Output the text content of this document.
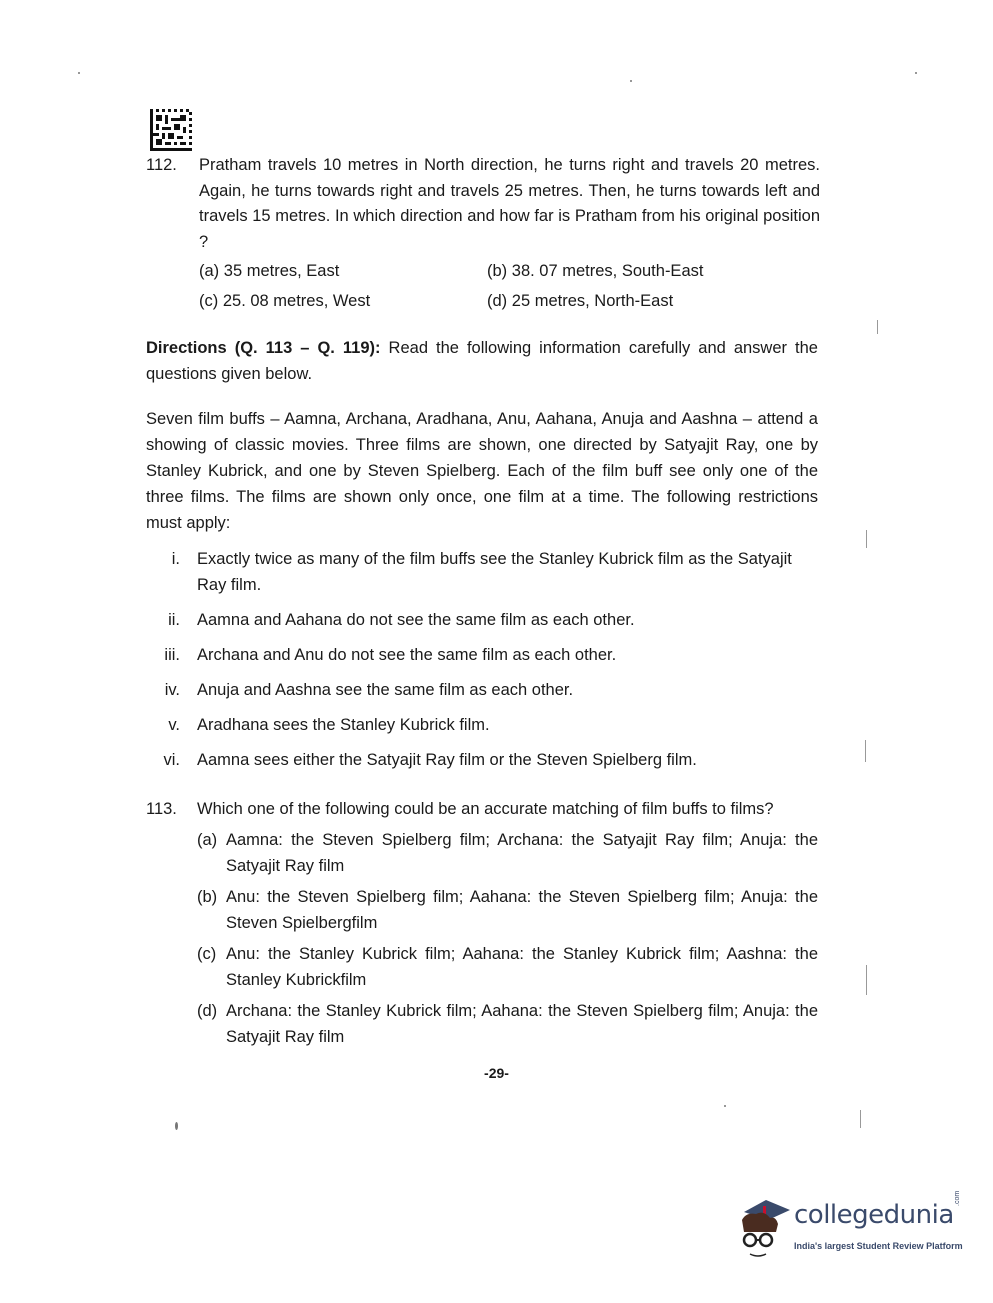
112. Pratham travels 10 metres in North direction, he turns right and travels 20 metres. Again, he turns towards right and travels 25 metres. Then, he turns towards left and travels 15 metres. In which direction and how far is Pratham from his original position ?
(a) 35 metres, East	(b) 38. 07 metres, South-East
(c) 25. 08 metres, West	(d) 25 metres, North-East
Directions (Q. 113 – Q. 119): Read the following information carefully and answer the questions given below.
Seven film buffs – Aamna, Archana, Aradhana, Anu, Aahana, Anuja and Aashna – attend a showing of classic movies. Three films are shown, one directed by Satyajit Ray, one by Stanley Kubrick, and one by Steven Spielberg. Each of the film buff see only one of the three films. The films are shown only once, one film at a time. The following restrictions must apply:
i. Exactly twice as many of the film buffs see the Stanley Kubrick film as the Satyajit Ray film.
ii. Aamna and Aahana do not see the same film as each other.
iii. Archana and Anu do not see the same film as each other.
iv. Anuja and Aashna see the same film as each other.
v. Aradhana sees the Stanley Kubrick film.
vi. Aamna sees either the Satyajit Ray film or the Steven Spielberg film.
113. Which one of the following could be an accurate matching of film buffs to films?
(a) Aamna: the Steven Spielberg film; Archana: the Satyajit Ray film; Anuja: the Satyajit Ray film
(b) Anu: the Steven Spielberg film; Aahana: the Steven Spielberg film; Anuja: the Steven Spielbergfilm
(c) Anu: the Stanley Kubrick film; Aahana: the Stanley Kubrick film; Aashna: the Stanley Kubrickfilm
(d) Archana: the Stanley Kubrick film; Aahana: the Steven Spielberg film; Anuja: the Satyajit Ray film
-29-
collegedunia
.com
India's largest Student Review Platform
